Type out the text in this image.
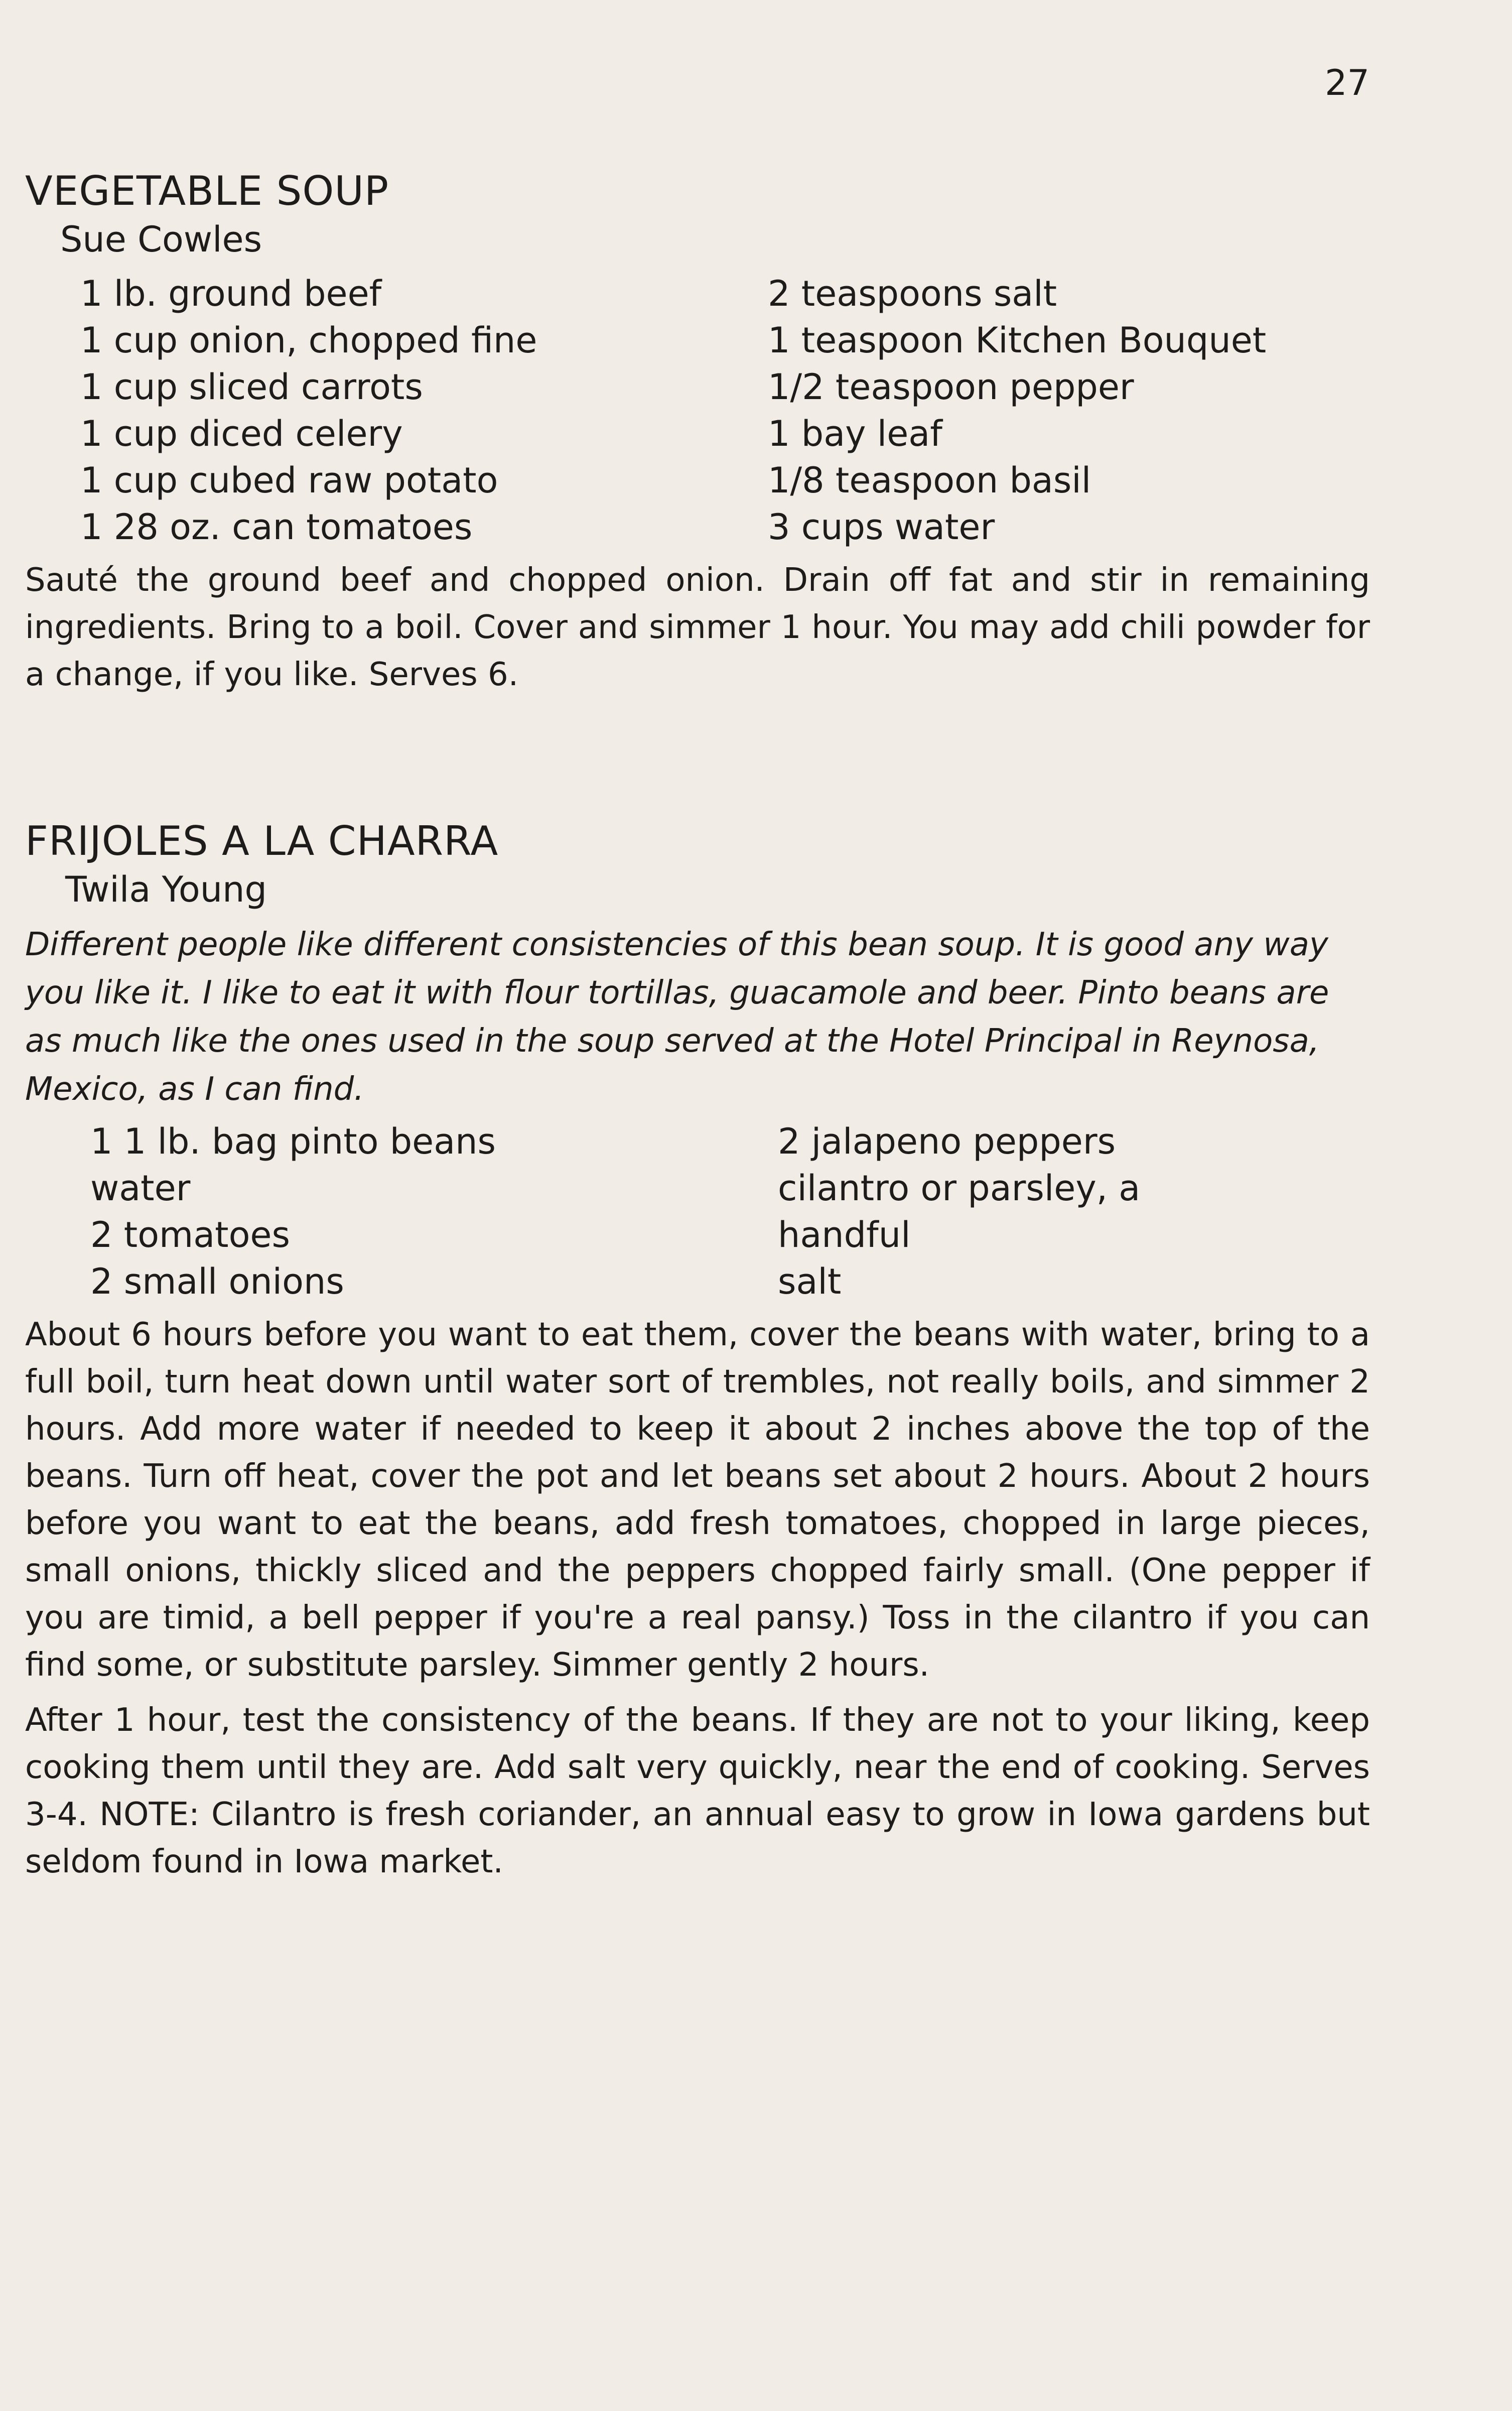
27
VEGETABLE SOUP
Sue Cowles
1 lb. ground beef
1 cup onion, chopped fine
1 cup sliced carrots
1 cup diced celery
1 cup cubed raw potato
1 28 oz. can tomatoes
2 teaspoons salt
1 teaspoon Kitchen Bouquet
1/2 teaspoon pepper
1 bay leaf
1/8 teaspoon basil
3 cups water

Sauté the ground beef and chopped onion. Drain off fat and stir in remaining ingredients. Bring to a boil. Cover and simmer 1 hour. You may add chili powder for a change, if you like. Serves 6.

FRIJOLES A LA CHARRA
Twila Young

Different people like different consistencies of this bean soup. It is good any way you like it. I like to eat it with flour tortillas, guacamole and beer. Pinto beans are as much like the ones used in the soup served at the Hotel Principal in Reynosa, Mexico, as I can find.

1 1 lb. bag pinto beans
water
2 tomatoes
2 small onions
2 jalapeno peppers
cilantro or parsley, a
handful
salt

About 6 hours before you want to eat them, cover the beans with water, bring to a full boil, turn heat down until water sort of trembles, not really boils, and simmer 2 hours. Add more water if needed to keep it about 2 inches above the top of the beans. Turn off heat, cover the pot and let beans set about 2 hours. About 2 hours before you want to eat the beans, add fresh tomatoes, chopped in large pieces, small onions, thickly sliced and the peppers chopped fairly small. (One pepper if you are timid, a bell pepper if you're a real pansy.) Toss in the cilantro if you can find some, or substitute parsley. Simmer gently 2 hours.

After 1 hour, test the consistency of the beans. If they are not to your liking, keep cooking them until they are. Add salt very quickly, near the end of cooking. Serves 3-4. NOTE: Cilantro is fresh coriander, an annual easy to grow in Iowa gardens but seldom found in Iowa market.
